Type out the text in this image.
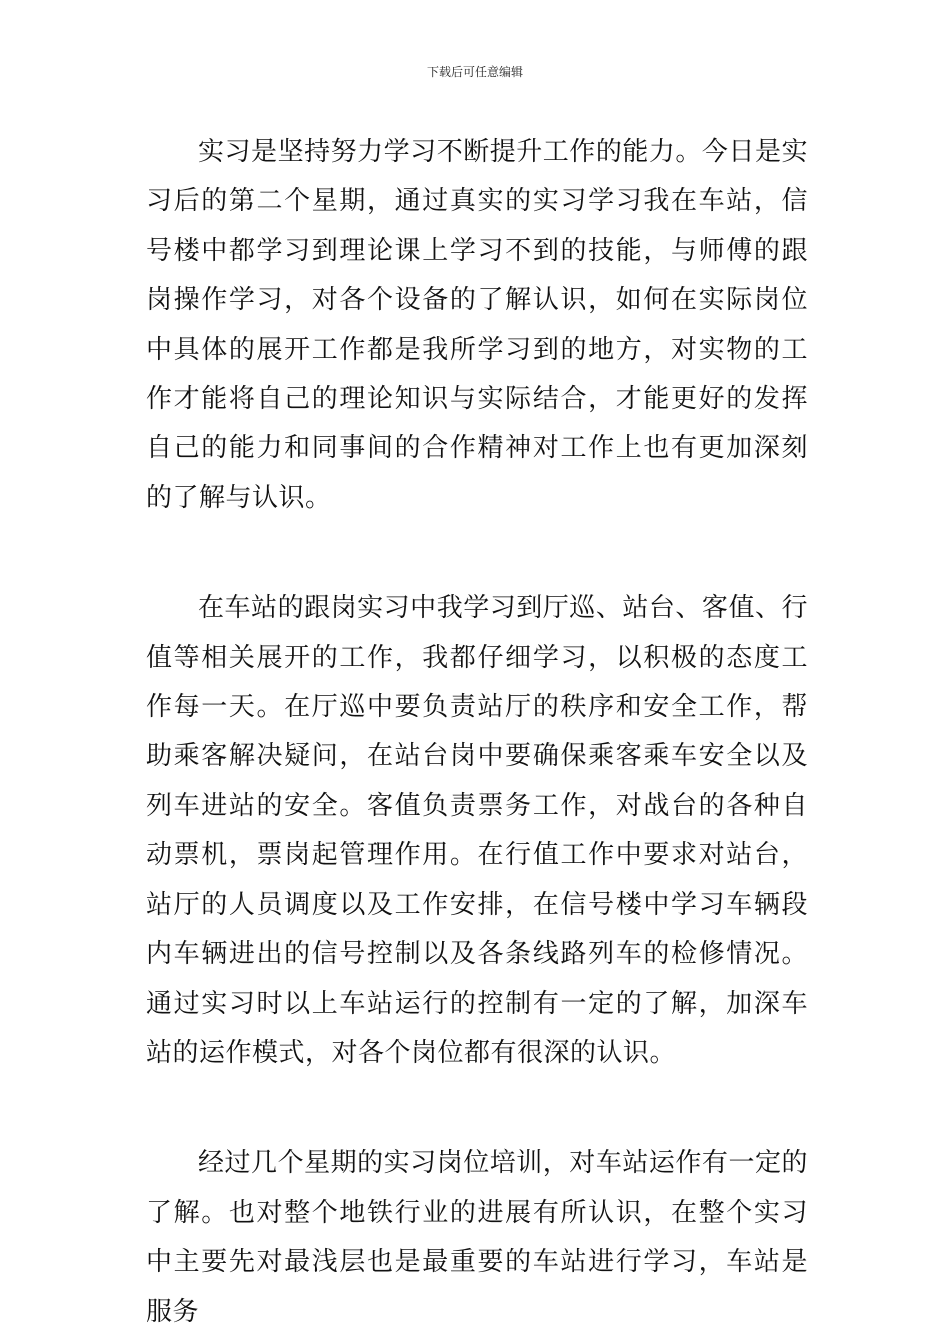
下载后可任意编辑

实习是坚持努力学习不断提升工作的能力。今日是实习后的第二个星期，通过真实的实习学习我在车站，信号楼中都学习到理论课上学习不到的技能，与师傅的跟岗操作学习，对各个设备的了解认识，如何在实际岗位中具体的展开工作都是我所学习到的地方，对实物的工作才能将自己的理论知识与实际结合，才能更好的发挥自己的能力和同事间的合作精神对工作上也有更加深刻的了解与认识。

在车站的跟岗实习中我学习到厅巡、站台、客值、行值等相关展开的工作，我都仔细学习，以积极的态度工作每一天。在厅巡中要负责站厅的秩序和安全工作，帮助乘客解决疑问，在站台岗中要确保乘客乘车安全以及列车进站的安全。客值负责票务工作，对战台的各种自动票机，票岗起管理作用。在行值工作中要求对站台，站厅的人员调度以及工作安排，在信号楼中学习车辆段内车辆进出的信号控制以及各条线路列车的检修情况。通过实习时以上车站运行的控制有一定的了解，加深车站的运作模式，对各个岗位都有很深的认识。

经过几个星期的实习岗位培训，对车站运作有一定的了解。也对整个地铁行业的进展有所认识，在整个实习中主要先对最浅层也是最重要的车站进行学习，车站是服务
